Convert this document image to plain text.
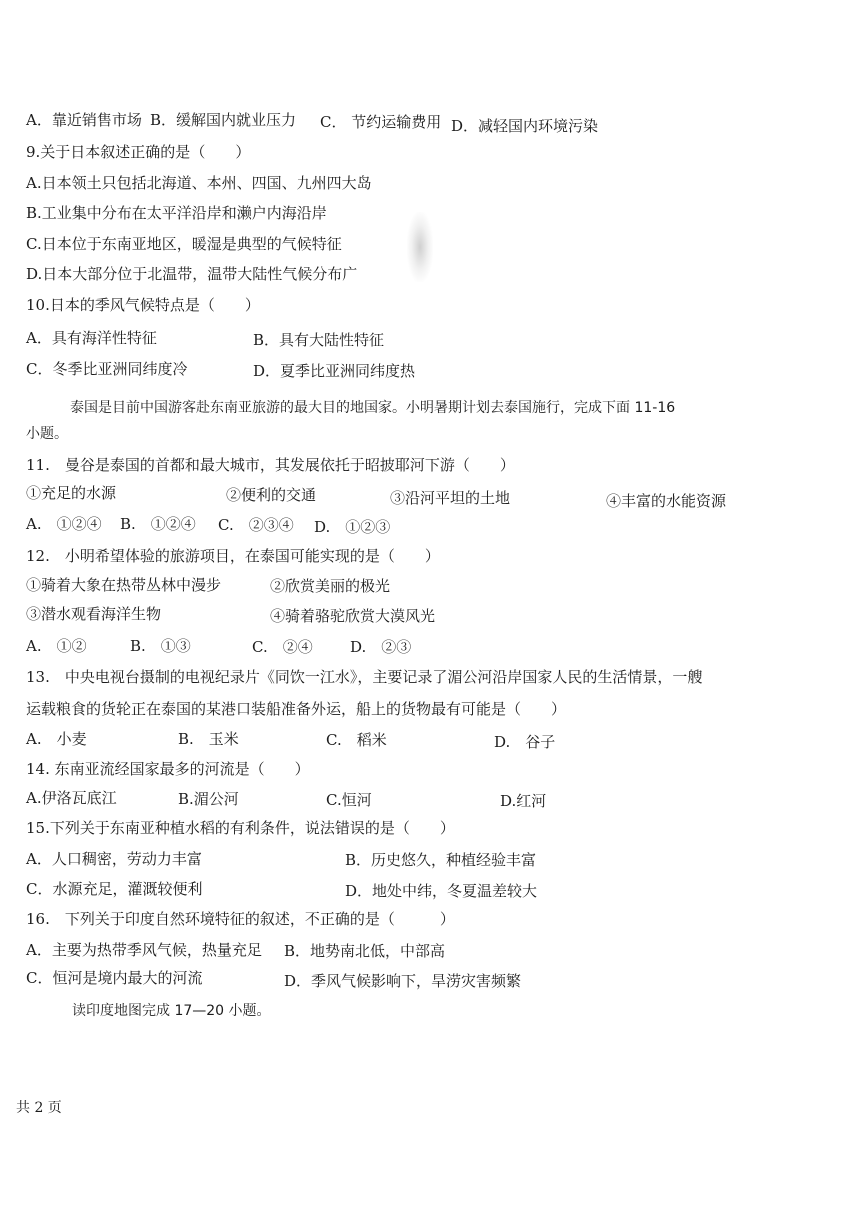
A．靠近销售市场 B．缓解国内就业压力 C． 节约运输费用 D．减轻国内环境污染
9.关于日本叙述正确的是（　　）
A.日本领土只包括北海道、本州、四国、九州四大岛
B.工业集中分布在太平洋沿岸和濑户内海沿岸
C.日本位于东南亚地区，暖湿是典型的气候特征
D.日本大部分位于北温带，温带大陆性气候分布广
10.日本的季风气候特点是（　　）
A．具有海洋性特征	B．具有大陆性特征
C．冬季比亚洲同纬度冷	D．夏季比亚洲同纬度热
泰国是目前中国游客赴东南亚旅游的最大目的地国家。小明暑期计划去泰国施行，完成下面 11-16
小题。
11.　曼谷是泰国的首都和最大城市，其发展依托于昭披耶河下游（　　）
①充足的水源	②便利的交通	③沿河平坦的土地	④丰富的水能资源
A.　①②④ B.　①②④ C.　②③④ D.　①②③
12.　小明希望体验的旅游项目，在泰国可能实现的是（　　）
①骑着大象在热带丛林中漫步	②欣赏美丽的极光
③潜水观看海洋生物	④骑着骆驼欣赏大漠风光
A.　①②	B.　①③	C.　②④ D.　②③
13.　中央电视台摄制的电视纪录片《同饮一江水》，主要记录了湄公河沿岸国家人民的生活情景，一艘
运载粮食的货轮正在泰国的某港口装船准备外运，船上的货物最有可能是（　　）
A.　小麦	B.　玉米	C.　稻米	D.　谷子
14. 东南亚流经国家最多的河流是（　　）
A.伊洛瓦底江	B.湄公河	C.恒河	D.红河
15.下列关于东南亚种植水稻的有利条件，说法错误的是（　　）
A．人口稠密，劳动力丰富	B．历史悠久，种植经验丰富
C．水源充足，灌溉较便利	D．地处中纬，冬夏温差较大
16.　下列关于印度自然环境特征的叙述，不正确的是（　　　）
A．主要为热带季风气候，热量充足 B．地势南北低，中部高
C．恒河是境内最大的河流	D．季风气候影响下，旱涝灾害频繁
读印度地图完成 17—20 小题。
共 2 页
